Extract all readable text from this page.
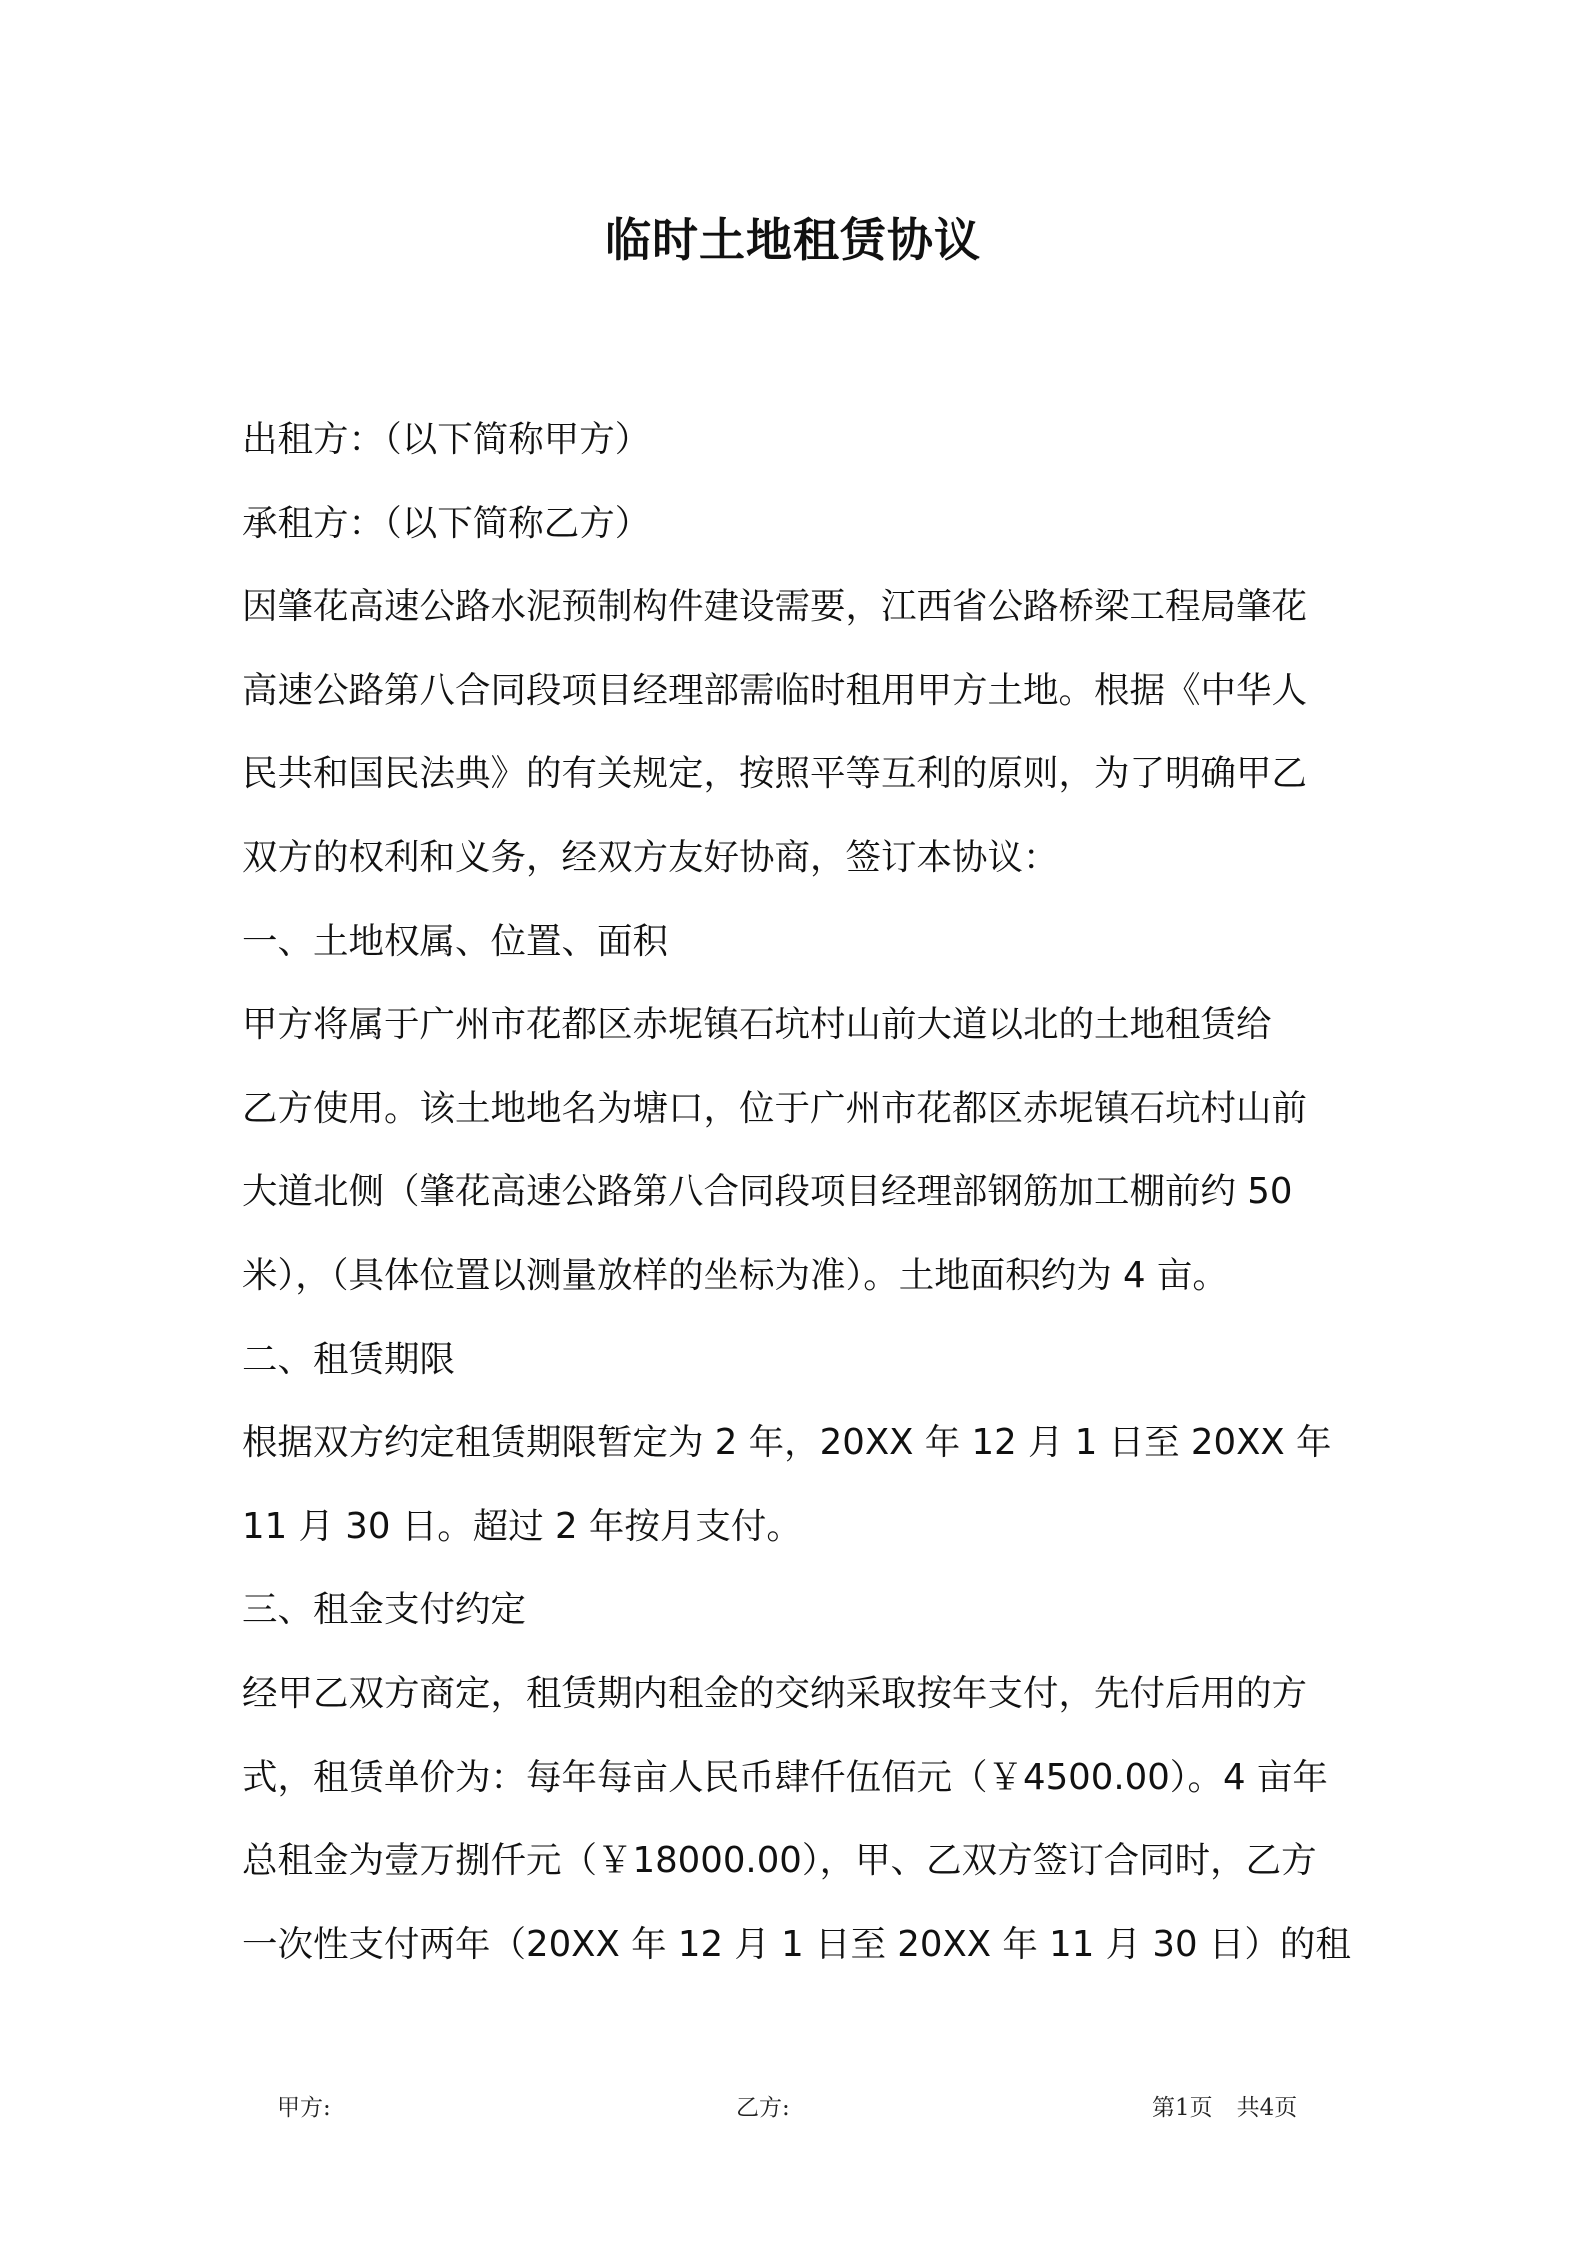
临时土地租赁协议
出租方：（以下简称甲方）
承租方：（以下简称乙方）
因肇花高速公路水泥预制构件建设需要，江西省公路桥梁工程局肇花
高速公路第八合同段项目经理部需临时租用甲方土地。根据《中华人
民共和国民法典》的有关规定，按照平等互利的原则，为了明确甲乙
双方的权利和义务，经双方友好协商，签订本协议：
一、土地权属、位置、面积
甲方将属于广州市花都区赤坭镇石坑村山前大道以北的土地租赁给
乙方使用。该土地地名为塘口，位于广州市花都区赤坭镇石坑村山前
大道北侧（肇花高速公路第八合同段项目经理部钢筋加工棚前约 50
米），（具体位置以测量放样的坐标为准）。土地面积约为 4 亩。
二、租赁期限
根据双方约定租赁期限暂定为 2 年，20XX 年 12 月 1 日至 20XX 年
11 月 30 日。超过 2 年按月支付。
三、租金支付约定
经甲乙双方商定，租赁期内租金的交纳采取按年支付，先付后用的方
式，租赁单价为：每年每亩人民币肆仟伍佰元（￥4500.00）。4 亩年
总租金为壹万捌仟元（￥18000.00），甲、乙双方签订合同时，乙方
一次性支付两年（20XX 年 12 月 1 日至 20XX 年 11 月 30 日）的租
甲方:	乙方:	第1页 共4页
